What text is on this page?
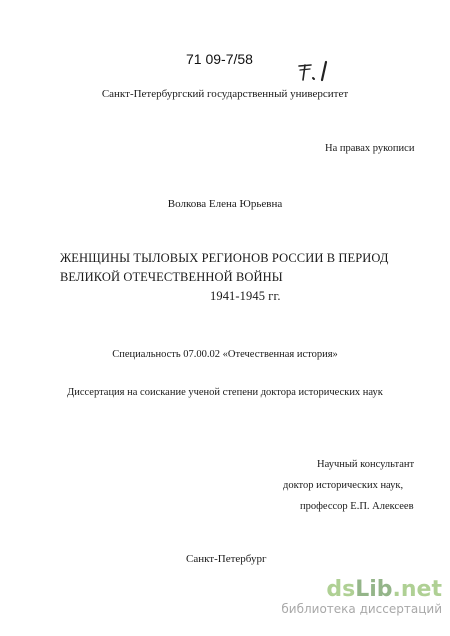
71 09-7/58
Санкт-Петербургский государственный университет
На правах рукописи
Волкова Елена Юрьевна
ЖЕНЩИНЫ ТЫЛОВЫХ РЕГИОНОВ РОССИИ В ПЕРИОД
ВЕЛИКОЙ ОТЕЧЕСТВЕННОЙ ВОЙНЫ
1941-1945 гг.
Специальность 07.00.02 «Отечественная история»
Диссертация на соискание ученой степени доктора исторических наук
Научный консультант
доктор исторических наук,
профессор Е.П. Алексеев
Санкт-Петербург
dsLib.net
библиотека диссертаций
